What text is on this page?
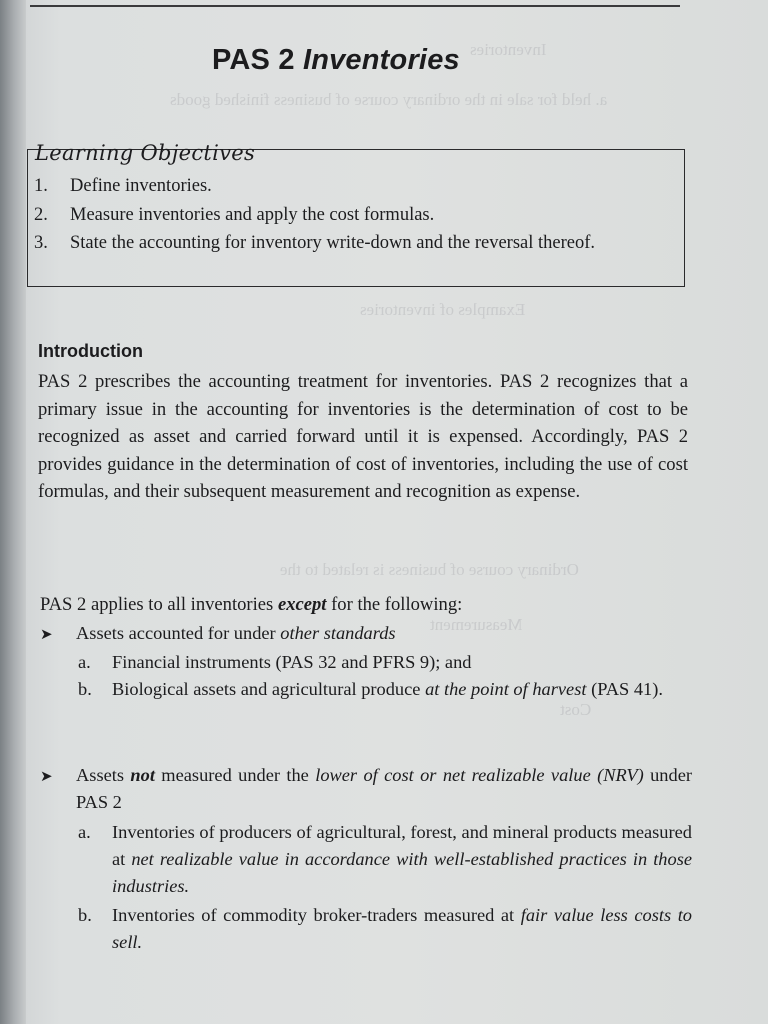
Inventories
a. held for sale in the ordinary course of business finished goods
Examples of inventories
Ordinary course of business is related to the
Measurement
Cost
PAS 2 Inventories
Learning Objectives
1. Define inventories.
2. Measure inventories and apply the cost formulas.
3. State the accounting for inventory write-down and the reversal thereof.
Introduction
PAS 2 prescribes the accounting treatment for inventories. PAS 2 recognizes that a primary issue in the accounting for inventories is the determination of cost to be recognized as asset and carried forward until it is expensed. Accordingly, PAS 2 provides guidance in the determination of cost of inventories, including the use of cost formulas, and their subsequent measurement and recognition as expense.
PAS 2 applies to all inventories except for the following:
➤	Assets accounted for under other standards
a. Financial instruments (PAS 32 and PFRS 9); and
b. Biological assets and agricultural produce at the point of harvest (PAS 41).
➤	Assets not measured under the lower of cost or net realizable value (NRV) under PAS 2
a. Inventories of producers of agricultural, forest, and mineral products measured at net realizable value in accordance with well-established practices in those industries.
b. Inventories of commodity broker-traders measured at fair value less costs to sell.
